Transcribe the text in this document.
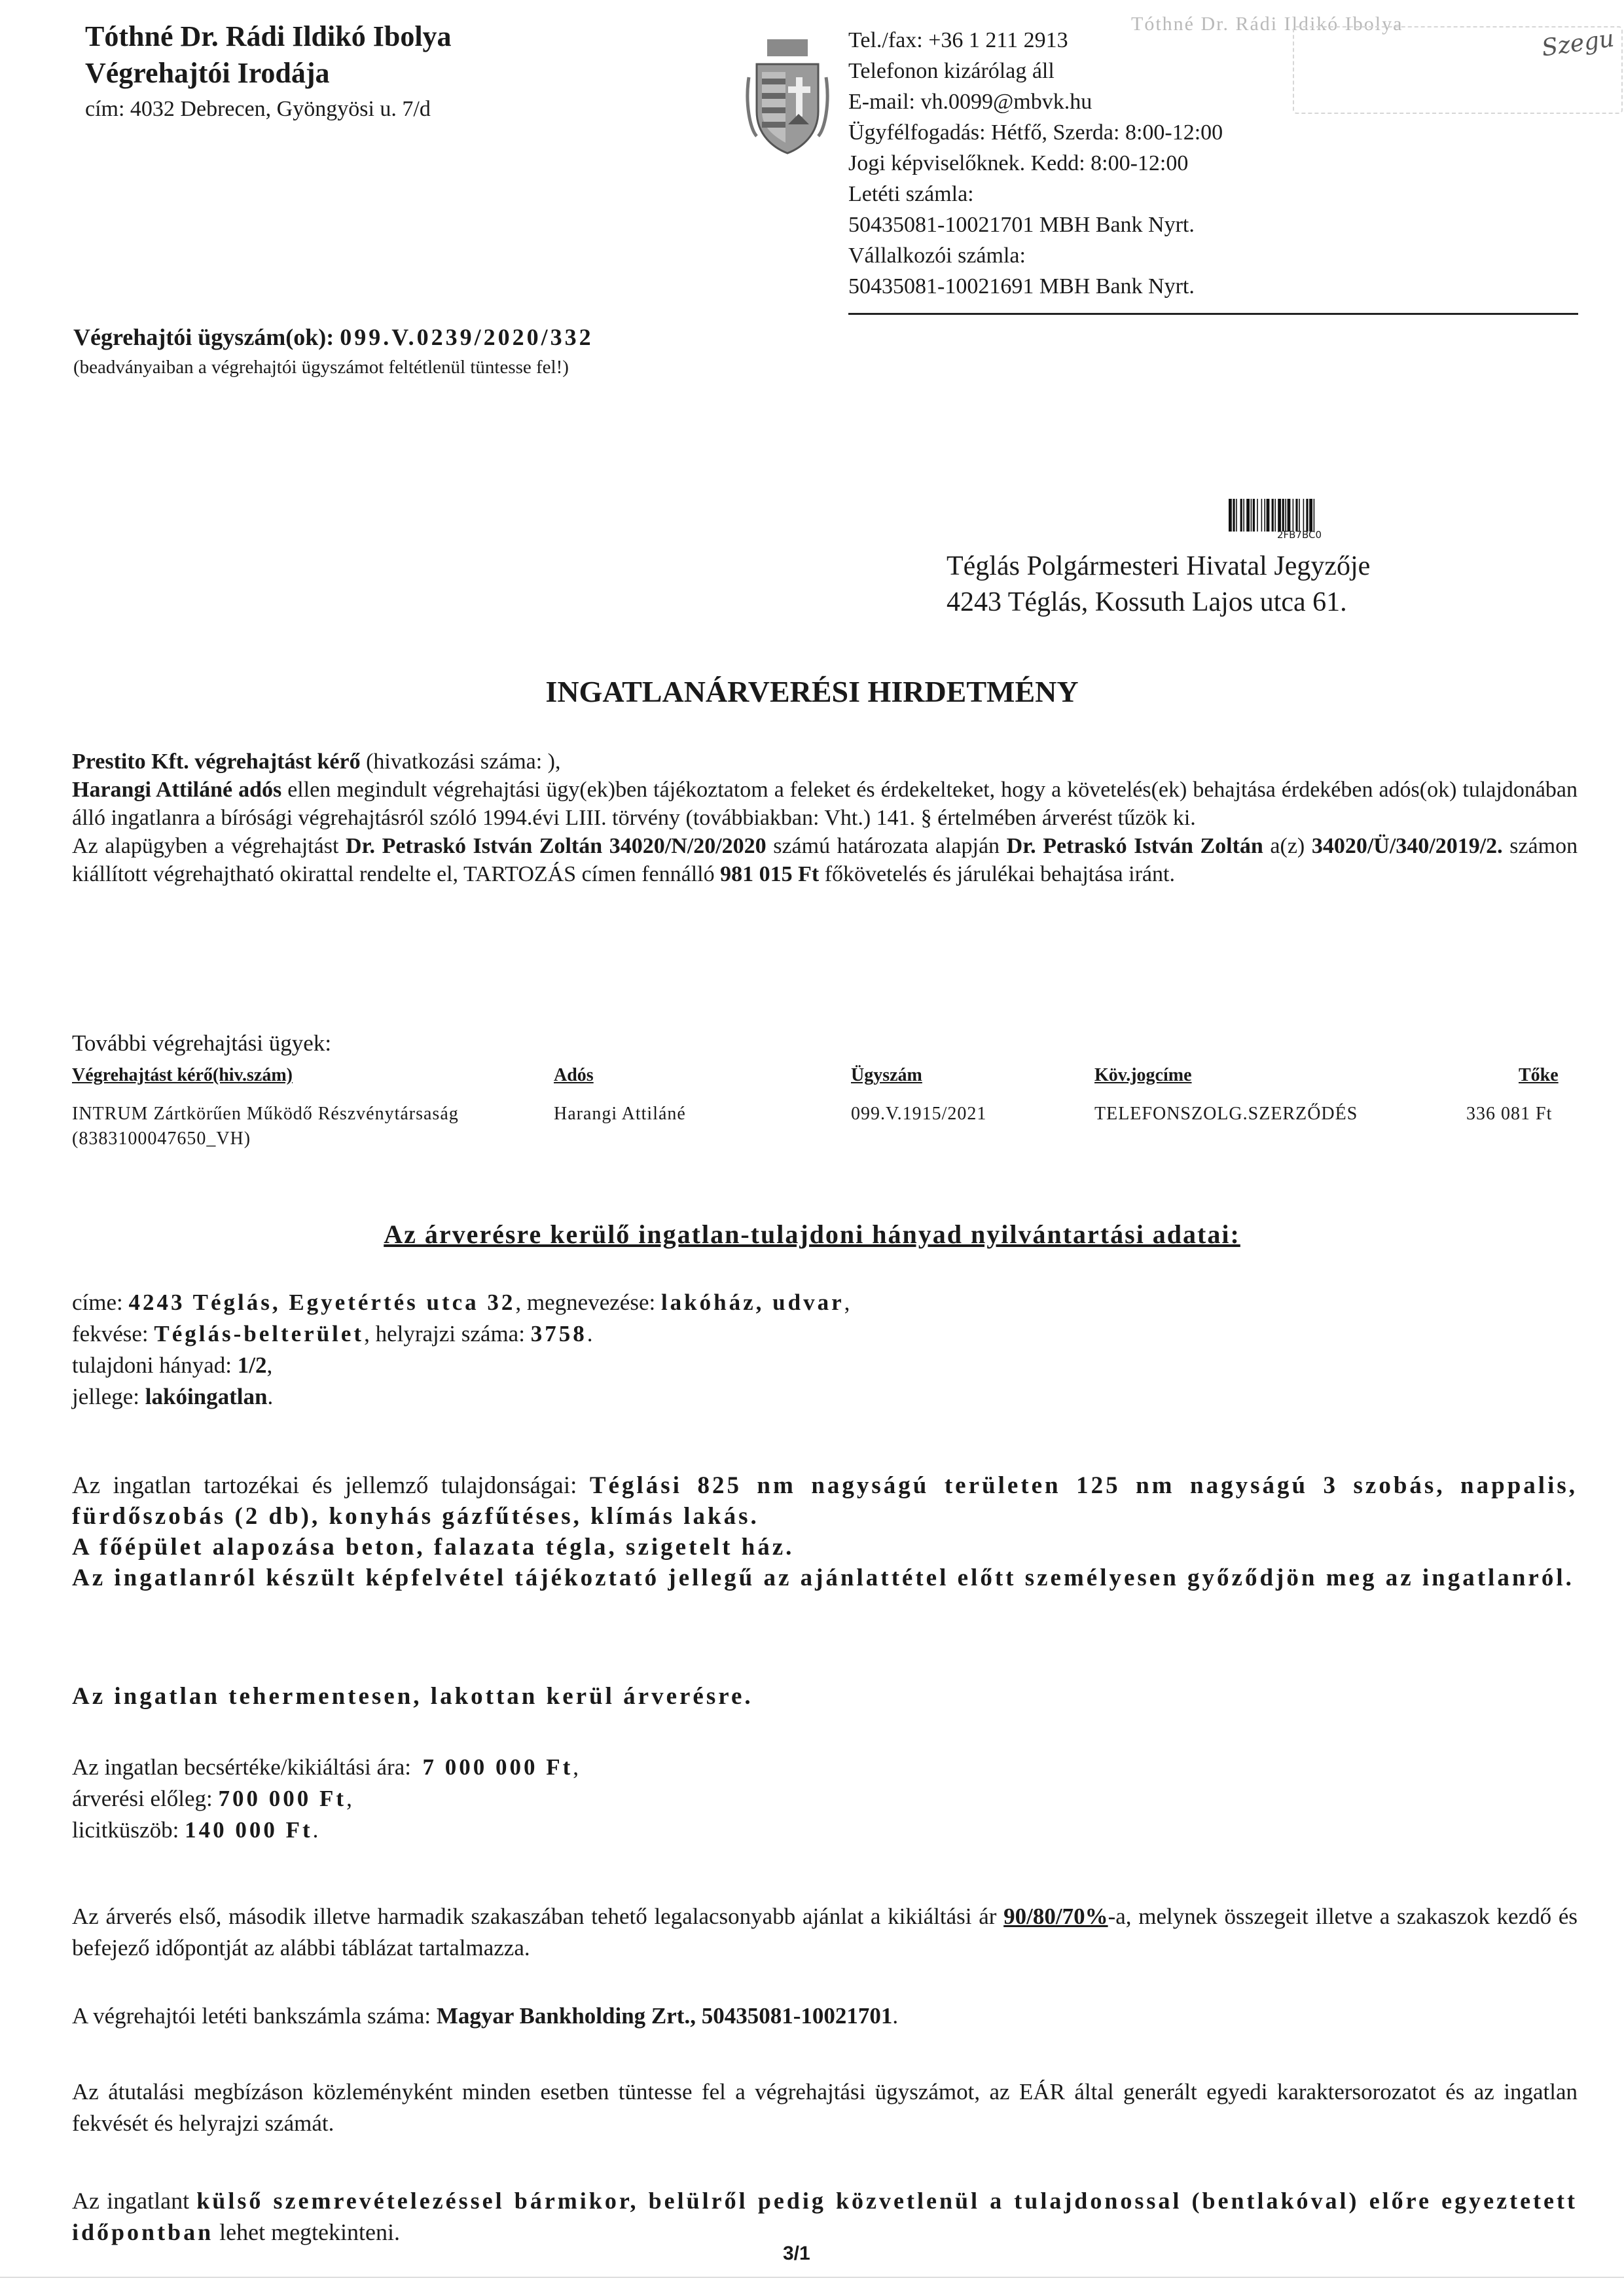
Tóthné Dr. Rádi Ildikó Ibolya
Végrehajtói Irodája
cím: 4032 Debrecen, Gyöngyösi u. 7/d
Tel./fax: +36 1 211 2913
Telefonon kizárólag áll
E-mail: vh.0099@mbvk.hu
Ügyfélfogadás: Hétfő, Szerda: 8:00-12:00
Jogi képviselőknek. Kedd: 8:00-12:00
Letéti számla:
50435081-10021701 MBH Bank Nyrt.
Vállalkozói számla:
50435081-10021691 MBH Bank Nyrt.
Tóthné Dr. Rádi Ildikó Ibolya
Szegu
Végrehajtói ügyszám(ok): 099.V.0239/2020/332
(beadványaiban a végrehajtói ügyszámot feltétlenül tüntesse fel!)
2FB7BC0
Téglás Polgármesteri Hivatal Jegyzője
4243 Téglás, Kossuth Lajos utca 61.
INGATLANÁRVERÉSI HIRDETMÉNY

Prestito Kft. végrehajtást kérő (hivatkozási száma: ),

Harangi Attiláné adós ellen megindult végrehajtási ügy(ek)ben tájékoztatom a feleket és érdekelteket, hogy a követelés(ek) behajtása érdekében adós(ok) tulajdonában álló ingatlanra a bírósági végrehajtásról szóló 1994.évi LIII. törvény (továbbiakban: Vht.) 141. § értelmében árverést tűzök ki.

Az alapügyben a végrehajtást Dr. Petraskó István Zoltán 34020/N/20/2020 számú határozata alapján Dr. Petraskó István Zoltán a(z) 34020/Ü/340/2019/2. számon kiállított végrehajtható okirattal rendelte el, TARTOZÁS címen fennálló 981 015 Ft főkövetelés és járulékai behajtása iránt.

További végrehajtási ügyek:
Végrehajtást kérő(hiv.szám)	Adós	Ügyszám	Köv.jogcíme	Tőke
INTRUM Zártkörűen Működő Részvénytársaság
(8383100047650_VH)
Harangi Attiláné	099.V.1915/2021	TELEFONSZOLG.SZERZŐDÉS	336 081 Ft
Az árverésre kerülő ingatlan-tulajdoni hányad nyilvántartási adatai:
címe: 4243 Téglás, Egyetértés utca 32, megnevezése: lakóház, udvar,
fekvése: Téglás-belterület, helyrajzi száma: 3758.
tulajdoni hányad: 1/2,
jellege: lakóingatlan.

Az ingatlan tartozékai és jellemző tulajdonságai: Téglási 825 nm nagyságú területen 125 nm nagyságú 3 szobás, nappalis, fürdőszobás (2 db), konyhás gázfűtéses, klímás lakás.

A főépület alapozása beton, falazata tégla, szigetelt ház.

Az ingatlanról készült képfelvétel tájékoztató jellegű az ajánlattétel előtt személyesen győződjön meg az ingatlanról.

Az ingatlan tehermentesen, lakottan kerül árverésre.
Az ingatlan becsértéke/kikiáltási ára: 7 000 000 Ft,
árverési előleg: 700 000 Ft,
licitküszöb: 140 000 Ft.

Az árverés első, második illetve harmadik szakaszában tehető legalacsonyabb ajánlat a kikiáltási ár 90/80/70%-a, melynek összegeit illetve a szakaszok kezdő és befejező időpontját az alábbi táblázat tartalmazza.

A végrehajtói letéti bankszámla száma: Magyar Bankholding Zrt., 50435081-10021701.

Az átutalási megbízáson közleményként minden esetben tüntesse fel a végrehajtási ügyszámot, az EÁR által generált egyedi karaktersorozatot és az ingatlan fekvését és helyrajzi számát.

Az ingatlant külső szemrevételezéssel bármikor, belülről pedig közvetlenül a tulajdonossal (bentlakóval) előre egyeztetett időpontban lehet megtekinteni.

3/1
